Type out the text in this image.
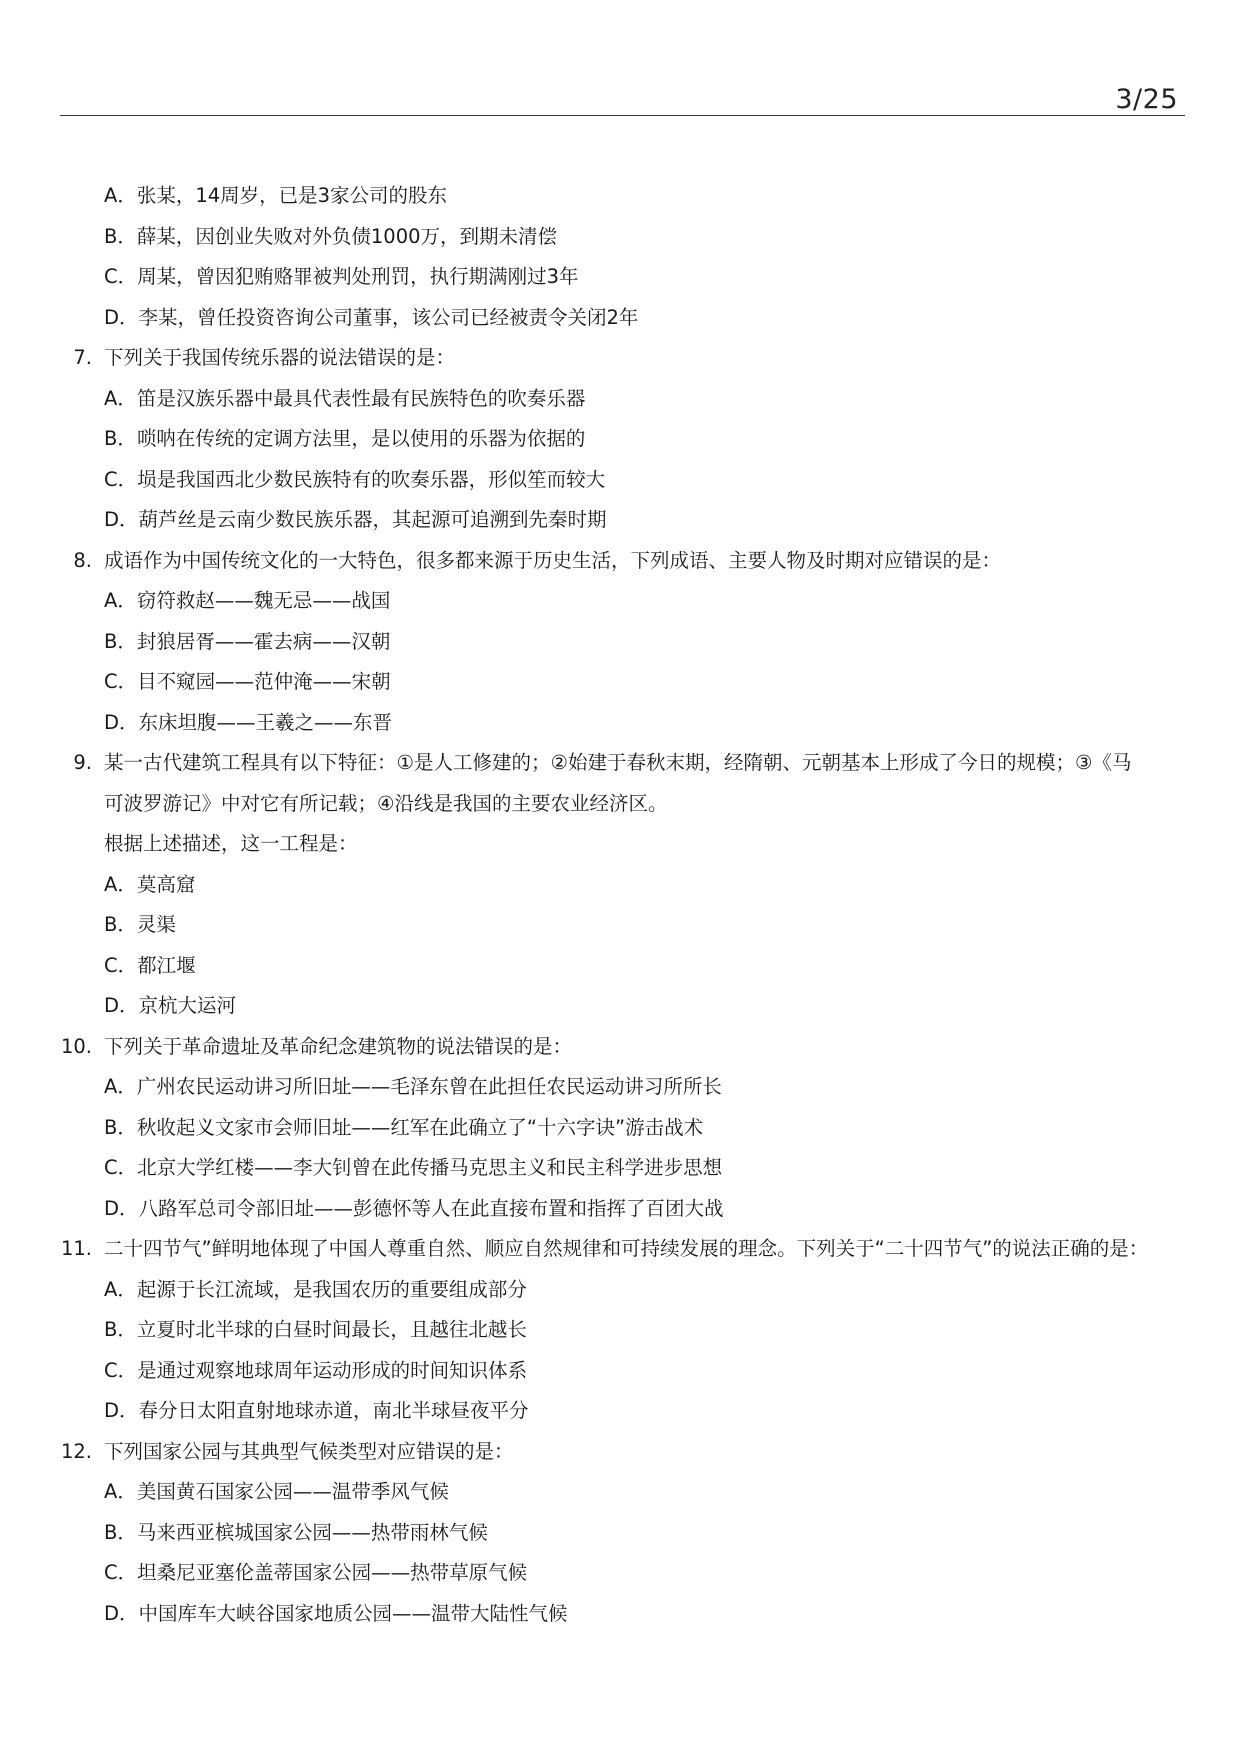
3/25
A．张某，14周岁，已是3家公司的股东
B．薛某，因创业失败对外负债1000万，到期未清偿
C．周某，曾因犯贿赂罪被判处刑罚，执行期满刚过3年
D．李某，曾任投资咨询公司董事，该公司已经被责令关闭2年
7. 下列关于我国传统乐器的说法错误的是：
A．笛是汉族乐器中最具代表性最有民族特色的吹奏乐器
B．唢呐在传统的定调方法里，是以使用的乐器为依据的
C．埙是我国西北少数民族特有的吹奏乐器，形似笙而较大
D．葫芦丝是云南少数民族乐器，其起源可追溯到先秦时期
8. 成语作为中国传统文化的一大特色，很多都来源于历史生活，下列成语、主要人物及时期对应错误的是：
A．窃符救赵——魏无忌——战国
B．封狼居胥——霍去病——汉朝
C．目不窥园——范仲淹——宋朝
D．东床坦腹——王羲之——东晋
9. 某一古代建筑工程具有以下特征：①是人工修建的；②始建于春秋末期，经隋朝、元朝基本上形成了今日的规模；③《马
可波罗游记》中对它有所记载；④沿线是我国的主要农业经济区。
根据上述描述，这一工程是：
A．莫高窟
B．灵渠
C．都江堰
D．京杭大运河
10. 下列关于革命遗址及革命纪念建筑物的说法错误的是：
A．广州农民运动讲习所旧址——毛泽东曾在此担任农民运动讲习所所长
B．秋收起义文家市会师旧址——红军在此确立了“十六字诀”游击战术
C．北京大学红楼——李大钊曾在此传播马克思主义和民主科学进步思想
D．八路军总司令部旧址——彭德怀等人在此直接布置和指挥了百团大战
11. 二十四节气”鲜明地体现了中国人尊重自然、顺应自然规律和可持续发展的理念。下列关于“二十四节气”的说法正确的是：
A．起源于长江流域，是我国农历的重要组成部分
B．立夏时北半球的白昼时间最长，且越往北越长
C．是通过观察地球周年运动形成的时间知识体系
D．春分日太阳直射地球赤道，南北半球昼夜平分
12. 下列国家公园与其典型气候类型对应错误的是：
A．美国黄石国家公园——温带季风气候
B．马来西亚槟城国家公园——热带雨林气候
C．坦桑尼亚塞伦盖蒂国家公园——热带草原气候
D．中国库车大峡谷国家地质公园——温带大陆性气候
